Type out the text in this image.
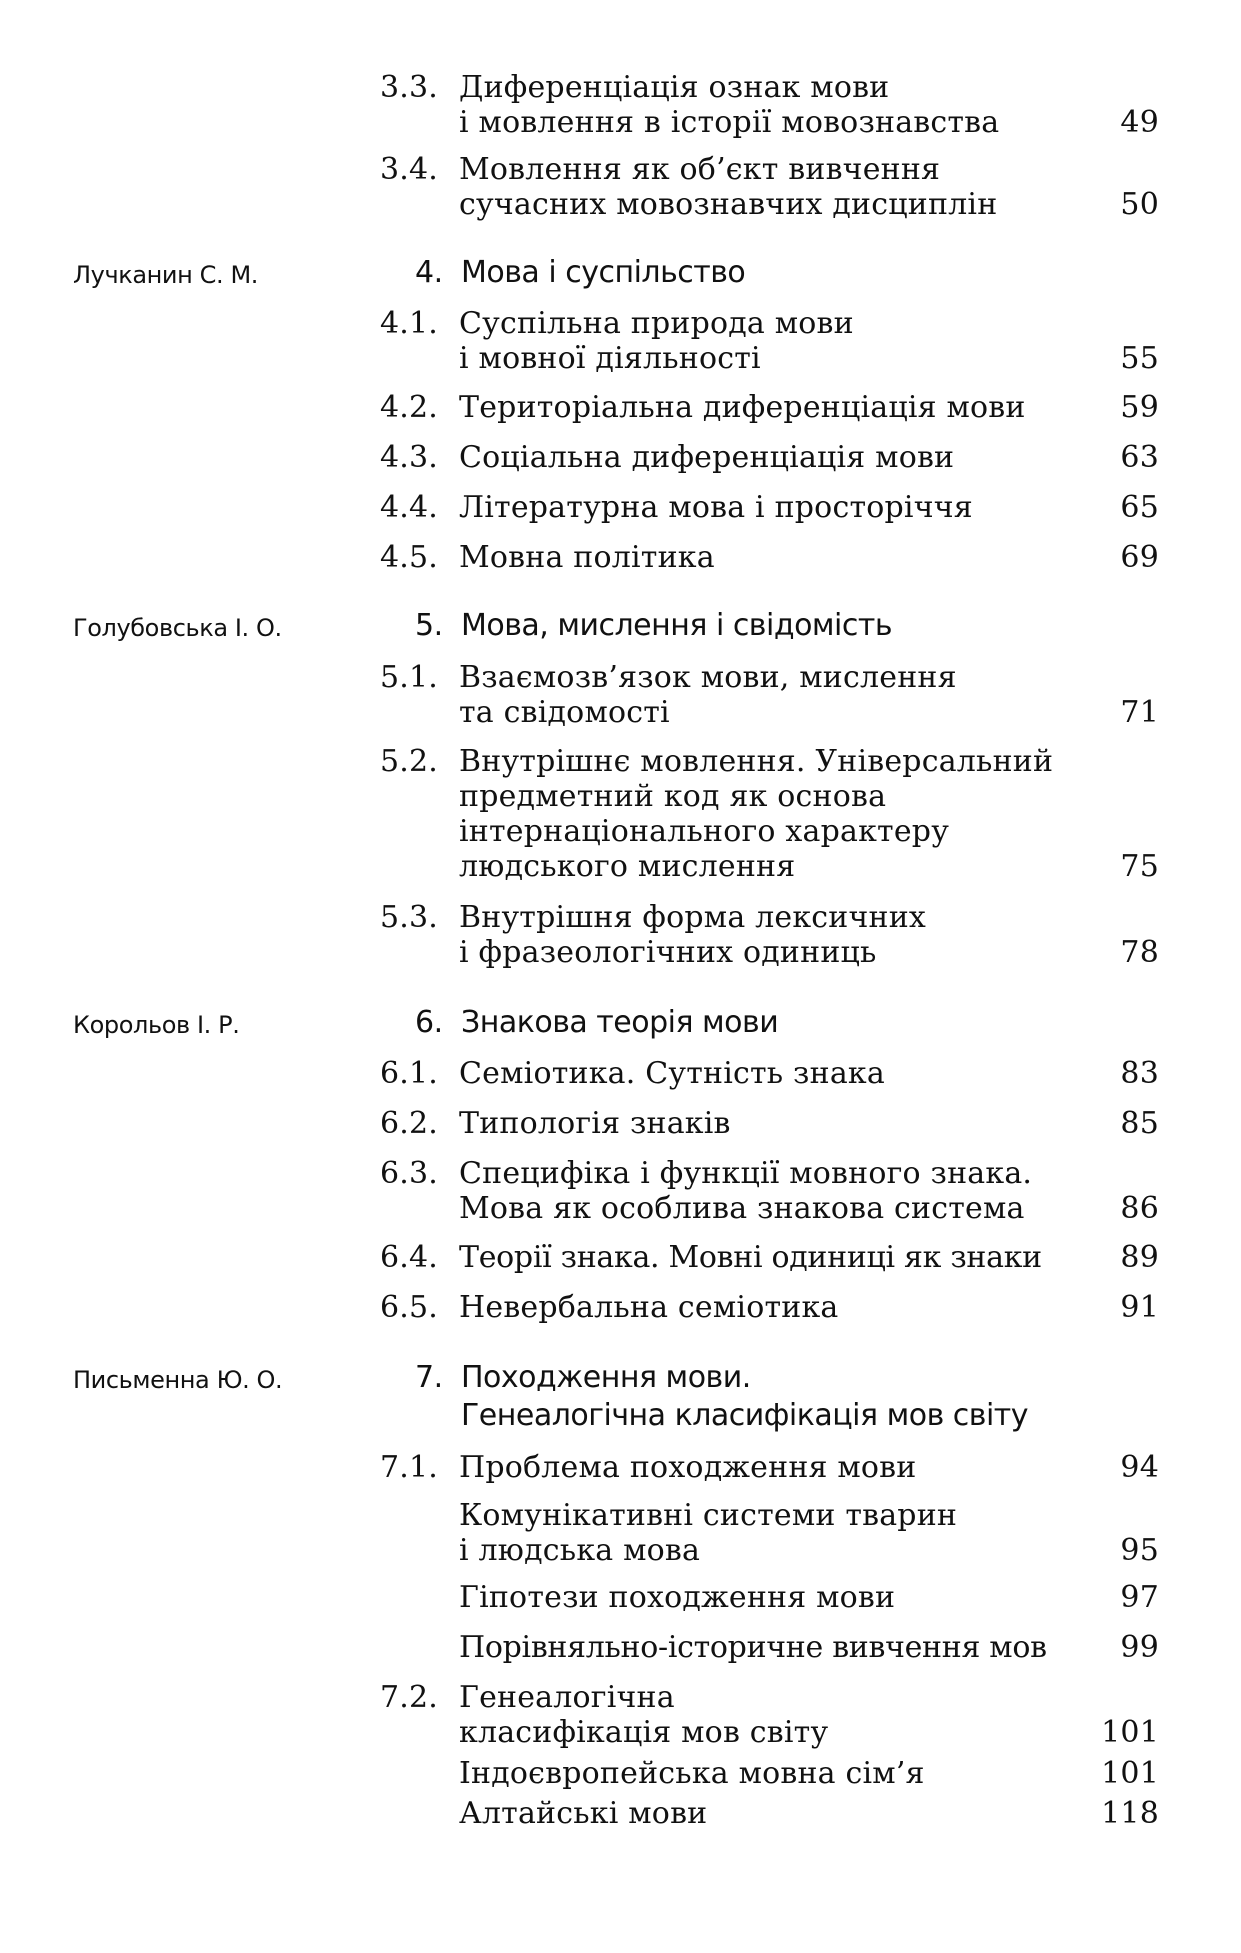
3.3. Диференціація ознак мови
і мовлення в історії мовознавства	49
3.4. Мовлення як об’єкт вивчення
сучасних мовознавчих дисциплін	50
Лучканин С. М.	4. Мова і суспільство
4.1. Суспільна природа мови
і мовної діяльності	55
4.2. Територіальна диференціація мови	59
4.3. Соціальна диференціація мови	63
4.4. Літературна мова і просторіччя	65
4.5. Мовна політика	69
Голубовська І. О.	5. Мова, мислення і свідомість
5.1. Взаємозв’язок мови, мислення
та свідомості	71
5.2. Внутрішнє мовлення. Універсальний
предметний код як основа
інтернаціонального характеру
людського мислення	75
5.3. Внутрішня форма лексичних
і фразеологічних одиниць	78
Корольов І. Р.	6. Знакова теорія мови
6.1. Семіотика. Сутність знака	83
6.2. Типологія знаків	85
6.3. Специфіка і функції мовного знака.
Мова як особлива знакова система	86
6.4. Теорії знака. Мовні одиниці як знаки	89
6.5. Невербальна семіотика	91
Письменна Ю. О.	7. Походження мови.
Генеалогічна класифікація мов світу
7.1. Проблема походження мови	94
Комунікативні системи тварин
і людська мова	95
Гіпотези походження мови	97
Порівняльно-історичне вивчення мов	99
7.2. Генеалогічна
класифікація мов світу	101
Індоєвропейська мовна сім’я	101
Алтайські мови	118
